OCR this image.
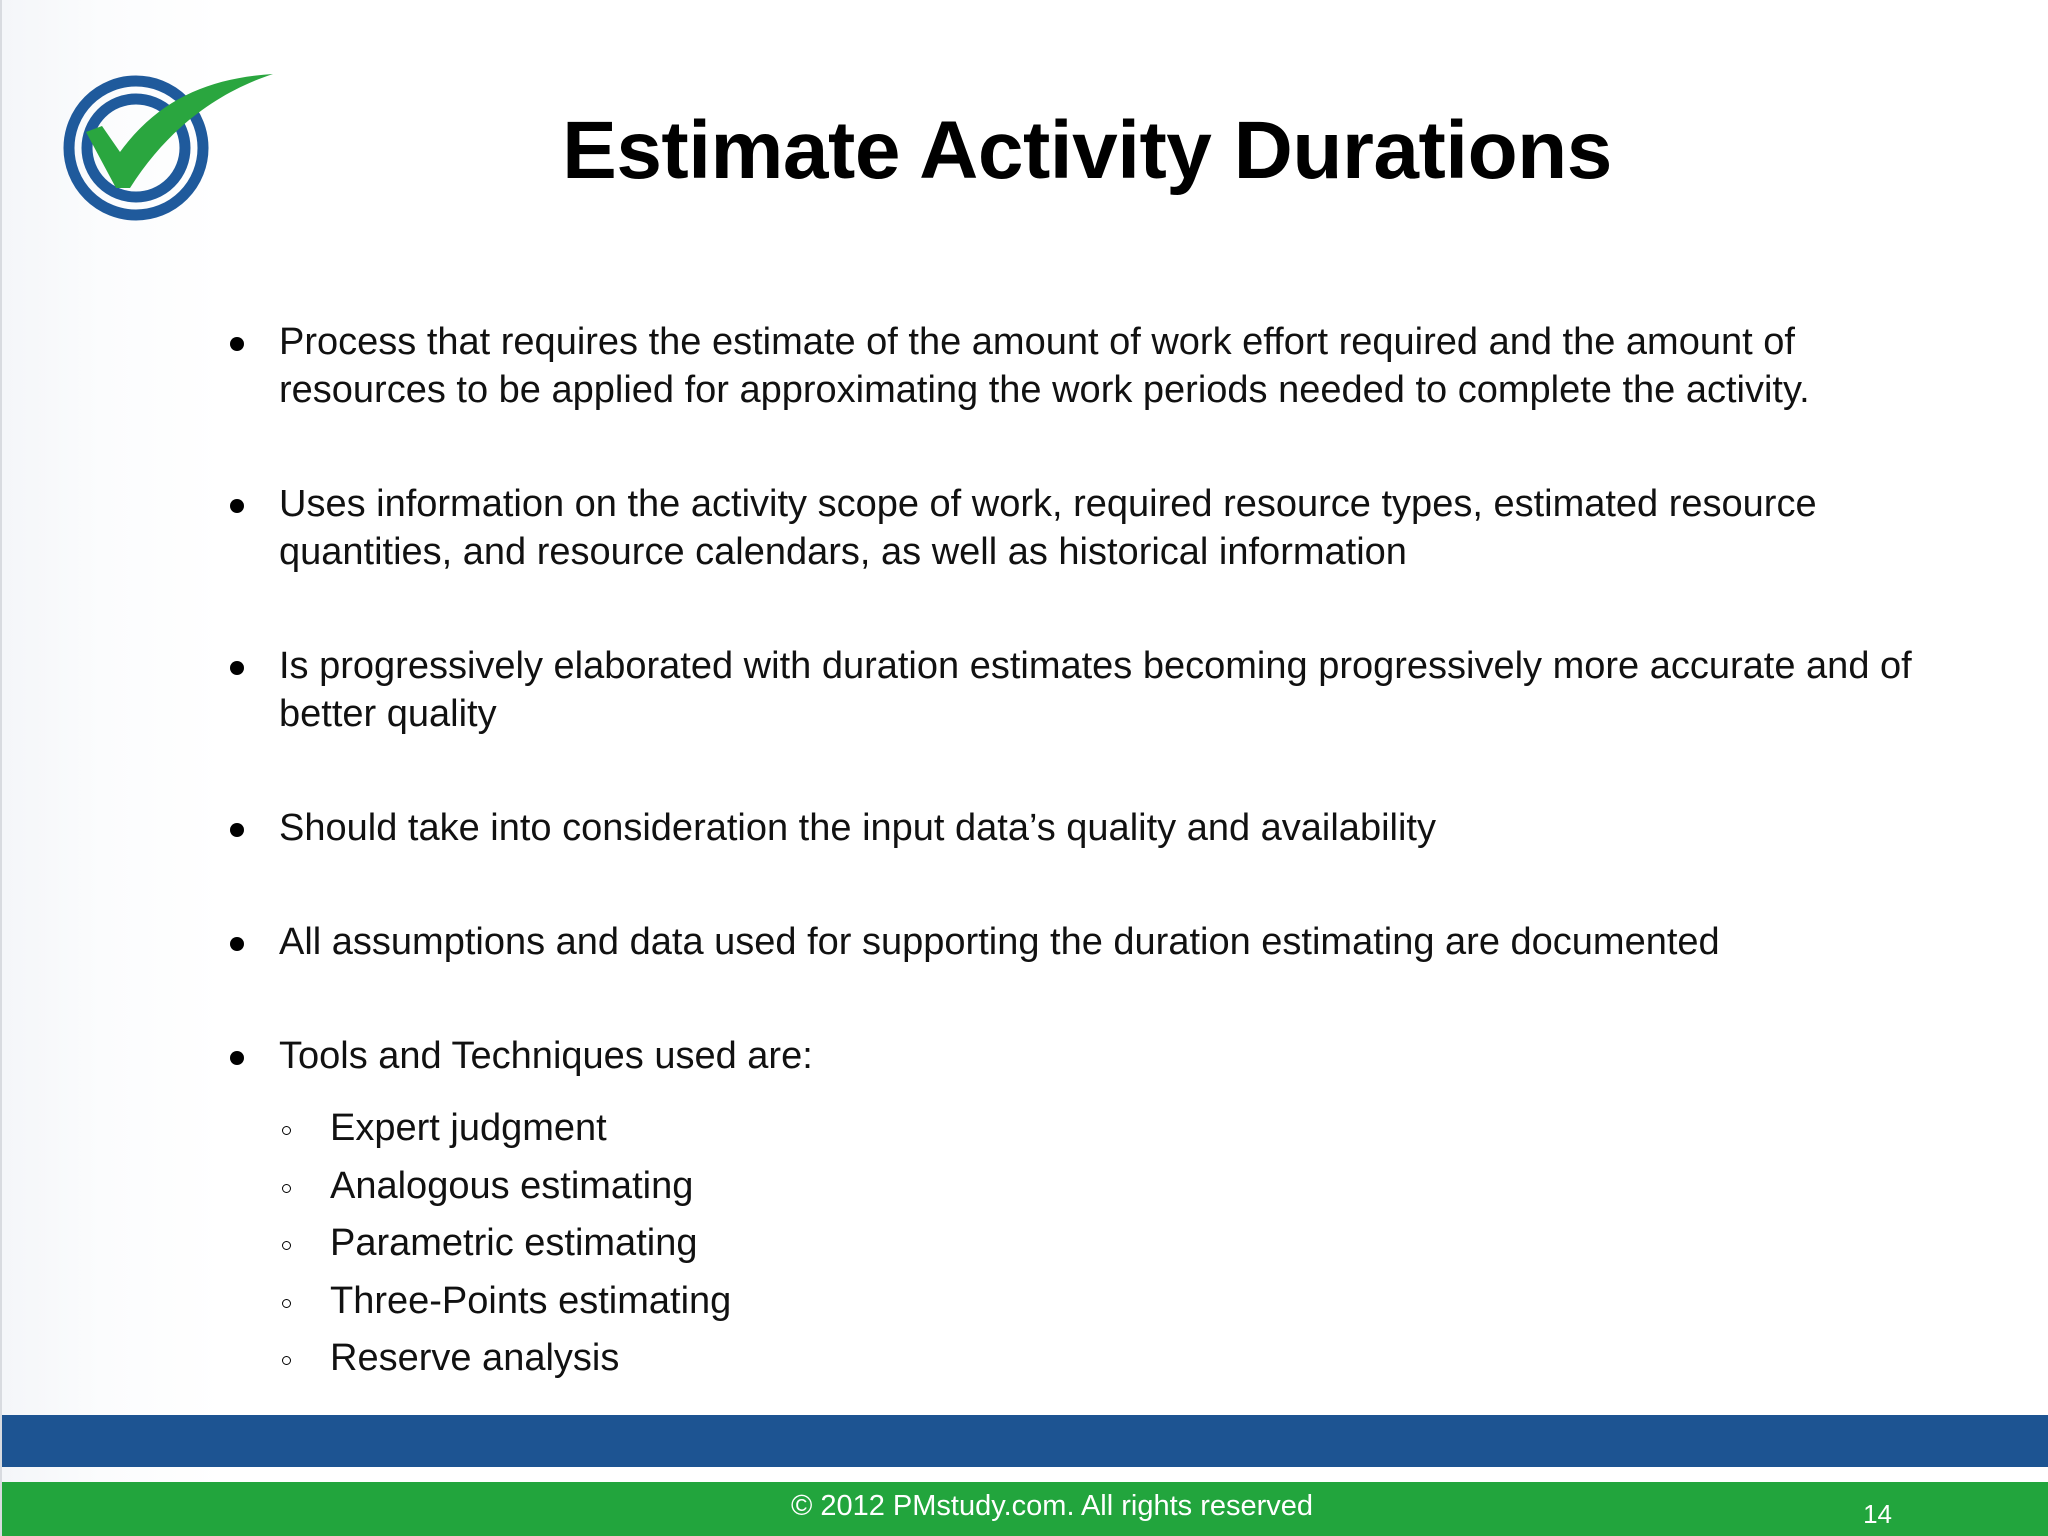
Estimate Activity Durations
Process that requires the estimate of the amount of work effort required and the amount of resources to be applied for approximating the work periods needed to complete the activity.
Uses information on the activity scope of work, required resource types, estimated resource quantities, and resource calendars, as well as historical information
Is progressively elaborated with duration estimates becoming progressively more accurate and of better quality
Should take into consideration the input data’s quality and availability
All assumptions and data used for supporting the duration estimating are documented
Tools and Techniques used are:
Expert judgment
Analogous estimating
Parametric estimating
Three-Points estimating
Reserve analysis
© 2012 PMstudy.com. All rights reserved	14
